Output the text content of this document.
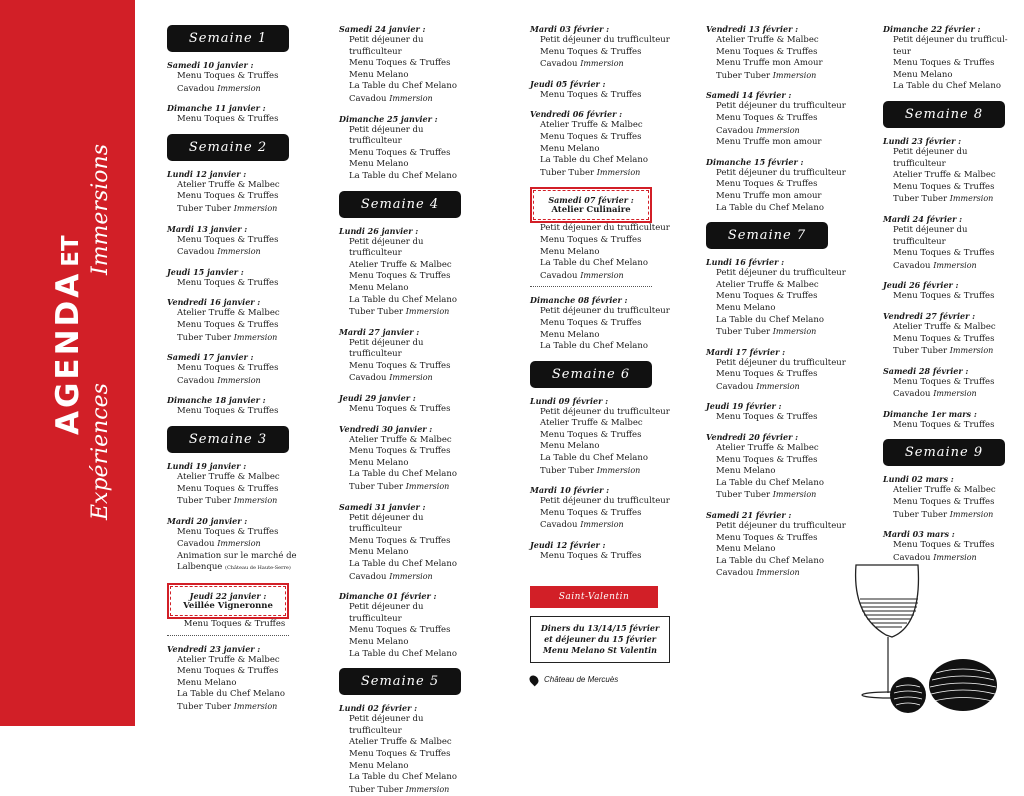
AGENDAET Immersions
Expériences
Semaine 1
Samedi 10 janvier :
Menu Toques & Truffes
Cavadou Immersion
Dimanche 11 janvier :
Menu Toques & Truffes
Semaine 2
Lundi 12 janvier :
Atelier Truffe & Malbec
Menu Toques & Truffes
Tuber Tuber Immersion
Mardi 13 janvier :
Menu Toques & Truffes
Cavadou Immersion
Jeudi 15 janvier :
Menu Toques & Truffes
Vendredi 16 janvier :
Atelier Truffe & Malbec
Menu Toques & Truffes
Tuber Tuber Immersion
Samedi 17 janvier :
Menu Toques & Truffes
Cavadou Immersion
Dimanche 18 janvier :
Menu Toques & Truffes
Semaine 3
Lundi 19 janvier :
Atelier Truffe & Malbec
Menu Toques & Truffes
Tuber Tuber Immersion
Mardi 20 janvier :
Menu Toques & Truffes
Cavadou Immersion
Animation sur le marché de
Lalbenque (Château de Haute-Serre)
Jeudi 22 janvier :
Veillée Vigneronne
Menu Toques & Truffes
Vendredi 23 janvier :
Atelier Truffe & Malbec
Menu Toques & Truffes
Menu Melano
La Table du Chef Melano
Tuber Tuber Immersion
Samedi 24 janvier :
Petit déjeuner du trufficulteur
Menu Toques & Truffes
Menu Melano
La Table du Chef Melano
Cavadou Immersion
Dimanche 25 janvier :
Petit déjeuner du trufficulteur
Menu Toques & Truffes
Menu Melano
La Table du Chef Melano
Semaine 4
Lundi 26 janvier :
Petit déjeuner du trufficulteur
Atelier Truffe & Malbec
Menu Toques & Truffes
Menu Melano
La Table du Chef Melano
Tuber Tuber Immersion
Mardi 27 janvier :
Petit déjeuner du trufficulteur
Menu Toques & Truffes
Cavadou Immersion
Jeudi 29 janvier :
Menu Toques & Truffes
Vendredi 30 janvier :
Atelier Truffe & Malbec
Menu Toques & Truffes
Menu Melano
La Table du Chef Melano
Tuber Tuber Immersion
Samedi 31 janvier :
Petit déjeuner du trufficulteur
Menu Toques & Truffes
Menu Melano
La Table du Chef Melano
Cavadou Immersion
Dimanche 01 février :
Petit déjeuner du trufficulteur
Menu Toques & Truffes
Menu Melano
La Table du Chef Melano
Semaine 5
Lundi 02 février :
Petit déjeuner du trufficulteur
Atelier Truffe & Malbec
Menu Toques & Truffes
Menu Melano
La Table du Chef Melano
Tuber Tuber Immersion
Mardi 03 février :
Petit déjeuner du trufficulteur
Menu Toques & Truffes
Cavadou Immersion
Jeudi 05 février :
Menu Toques & Truffes
Vendredi 06 février :
Atelier Truffe & Malbec
Menu Toques & Truffes
Menu Melano
La Table du Chef Melano
Tuber Tuber Immersion
Samedi 07 février :
Atelier Culinaire
Petit déjeuner du trufficulteur
Menu Toques & Truffes
Menu Melano
La Table du Chef Melano
Cavadou Immersion
Dimanche 08 février :
Petit déjeuner du trufficulteur
Menu Toques & Truffes
Menu Melano
La Table du Chef Melano
Semaine 6
Lundi 09 février :
Petit déjeuner du trufficulteur
Atelier Truffe & Malbec
Menu Toques & Truffes
Menu Melano
La Table du Chef Melano
Tuber Tuber Immersion
Mardi 10 février :
Petit déjeuner du trufficulteur
Menu Toques & Truffes
Cavadou Immersion
Jeudi 12 février :
Menu Toques & Truffes
Vendredi 13 février :
Atelier Truffe & Malbec
Menu Toques & Truffes
Menu Truffe mon Amour
Tuber Tuber Immersion
Samedi 14 février :
Petit déjeuner du trufficulteur
Menu Toques & Truffes
Cavadou Immersion
Menu Truffe mon amour
Dimanche 15 février :
Petit déjeuner du trufficulteur
Menu Toques & Truffes
Menu Truffe mon amour
La Table du Chef Melano
Semaine 7
Lundi 16 février :
Petit déjeuner du trufficulteur
Atelier Truffe & Malbec
Menu Toques & Truffes
Menu Melano
La Table du Chef Melano
Tuber Tuber Immersion
Mardi 17 février :
Petit déjeuner du trufficulteur
Menu Toques & Truffes
Cavadou Immersion
Jeudi 19 février :
Menu Toques & Truffes
Vendredi 20 février :
Atelier Truffe & Malbec
Menu Toques & Truffes
Menu Melano
La Table du Chef Melano
Tuber Tuber Immersion
Samedi 21 février :
Petit déjeuner du trufficulteur
Menu Toques & Truffes
Menu Melano
La Table du Chef Melano
Cavadou Immersion
Dimanche 22 février :
Petit déjeuner du trufficul-
teur
Menu Toques & Truffes
Menu Melano
La Table du Chef Melano
Semaine 8
Lundi 23 février :
Petit déjeuner du trufficulteur
Atelier Truffe & Malbec
Menu Toques & Truffes
Tuber Tuber Immersion
Mardi 24 février :
Petit déjeuner du trufficulteur
Menu Toques & Truffes
Cavadou Immersion
Jeudi 26 février :
Menu Toques & Truffes
Vendredi 27 février :
Atelier Truffe & Malbec
Menu Toques & Truffes
Tuber Tuber Immersion
Samedi 28 février :
Menu Toques & Truffes
Cavadou Immersion
Dimanche 1er mars :
Menu Toques & Truffes
Semaine 9
Lundi 02 mars :
Atelier Truffe & Malbec
Menu Toques & Truffes
Tuber Tuber Immersion
Mardi 03 mars :
Menu Toques & Truffes
Cavadou Immersion
Saint-Valentin
Diners du 13/14/15 février
et déjeuner du 15 février
Menu Melano St Valentin
Château de Mercuès
